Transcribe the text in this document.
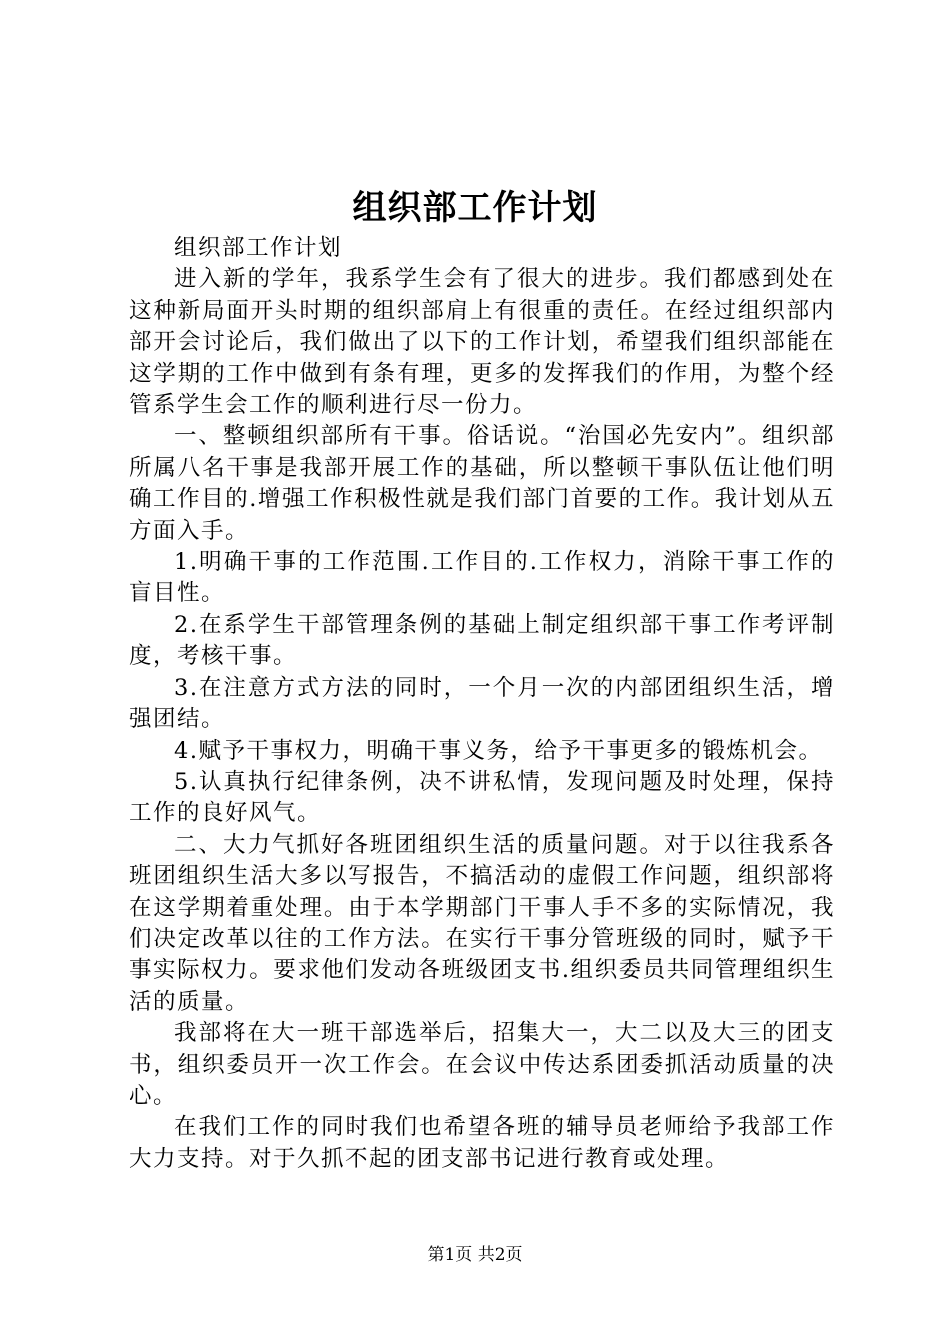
组织部工作计划

组织部工作计划

进入新的学年，我系学生会有了很大的进步。我们都感到处在这种新局面开头时期的组织部肩上有很重的责任。在经过组织部内部开会讨论后，我们做出了以下的工作计划，希望我们组织部能在这学期的工作中做到有条有理，更多的发挥我们的作用，为整个经管系学生会工作的顺利进行尽一份力。

一、整顿组织部所有干事。俗话说。“治国必先安内”。组织部所属八名干事是我部开展工作的基础，所以整顿干事队伍让他们明确工作目的.增强工作积极性就是我们部门首要的工作。我计划从五方面入手。

1.明确干事的工作范围.工作目的.工作权力，消除干事工作的盲目性。

2.在系学生干部管理条例的基础上制定组织部干事工作考评制度，考核干事。

3.在注意方式方法的同时，一个月一次的内部团组织生活，增强团结。

4.赋予干事权力，明确干事义务，给予干事更多的锻炼机会。

5.认真执行纪律条例，决不讲私情，发现问题及时处理，保持工作的良好风气。

二、大力气抓好各班团组织生活的质量问题。对于以往我系各班团组织生活大多以写报告，不搞活动的虚假工作问题，组织部将在这学期着重处理。由于本学期部门干事人手不多的实际情况，我们决定改革以往的工作方法。在实行干事分管班级的同时，赋予干事实际权力。要求他们发动各班级团支书.组织委员共同管理组织生活的质量。

我部将在大一班干部选举后，招集大一，大二以及大三的团支书，组织委员开一次工作会。在会议中传达系团委抓活动质量的决心。

在我们工作的同时我们也希望各班的辅导员老师给予我部工作大力支持。对于久抓不起的团支部书记进行教育或处理。

第1页 共2页
